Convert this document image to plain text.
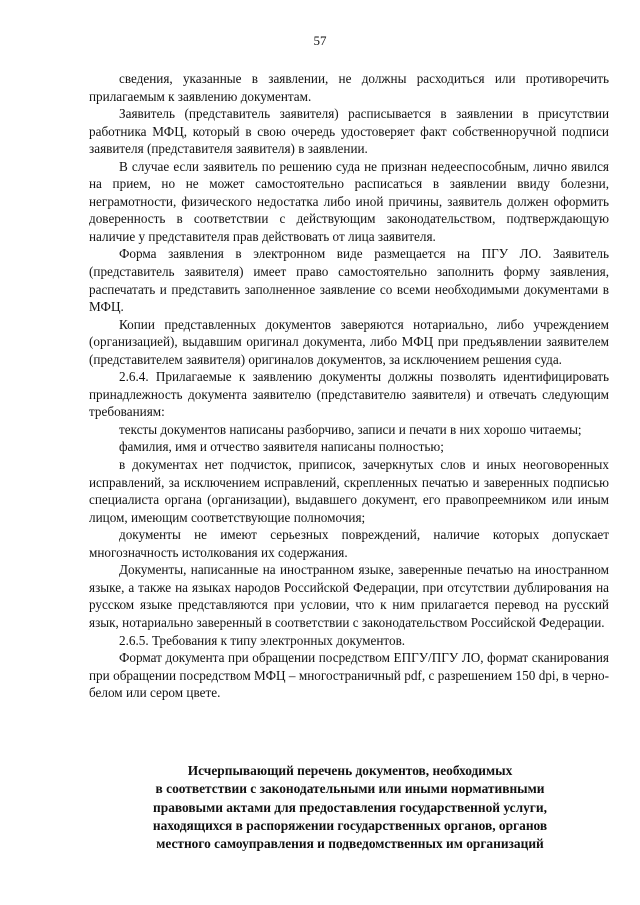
57

сведения, указанные в заявлении, не должны расходиться или противоречить прилагаемым к заявлению документам.

Заявитель (представитель заявителя) расписывается в заявлении в присутствии работника МФЦ, который в свою очередь удостоверяет факт собственноручной подписи заявителя (представителя заявителя) в заявлении.

В случае если заявитель по решению суда не признан недееспособным, лично явился на прием, но не может самостоятельно расписаться в заявлении ввиду болезни, неграмотности, физического недостатка либо иной причины, заявитель должен оформить доверенность в соответствии с действующим законодательством, подтверждающую наличие у представителя прав действовать от лица заявителя.

Форма заявления в электронном виде размещается на ПГУ ЛО. Заявитель (представитель заявителя) имеет право самостоятельно заполнить форму заявления, распечатать и представить заполненное заявление со всеми необходимыми документами в МФЦ.

Копии представленных документов заверяются нотариально, либо учреждением (организацией), выдавшим оригинал документа, либо МФЦ при предъявлении заявителем (представителем заявителя) оригиналов документов, за исключением решения суда.

2.6.4. Прилагаемые к заявлению документы должны позволять идентифицировать принадлежность документа заявителю (представителю заявителя) и отвечать следующим требованиям:

тексты документов написаны разборчиво, записи и печати в них хорошо читаемы;

фамилия, имя и отчество заявителя написаны полностью;

в документах нет подчисток, приписок, зачеркнутых слов и иных неоговоренных исправлений, за исключением исправлений, скрепленных печатью и заверенных подписью специалиста органа (организации), выдавшего документ, его правопреемником или иным лицом, имеющим соответствующие полномочия;

документы не имеют серьезных повреждений, наличие которых допускает многозначность истолкования их содержания.

Документы, написанные на иностранном языке, заверенные печатью на иностранном языке, а также на языках народов Российской Федерации, при отсутствии дублирования на русском языке представляются при условии, что к ним прилагается перевод на русский язык, нотариально заверенный в соответствии с законодательством Российской Федерации.

2.6.5. Требования к типу электронных документов.

Формат документа при обращении посредством ЕПГУ/ПГУ ЛО, формат сканирования при обращении посредством МФЦ – многостраничный pdf, с разрешением 150 dpi, в черно-белом или сером цвете.

Исчерпывающий перечень документов, необходимых
в соответствии с законодательными или иными нормативными
правовыми актами для предоставления государственной услуги,
находящихся в распоряжении государственных органов, органов
местного самоуправления и подведомственных им организаций
